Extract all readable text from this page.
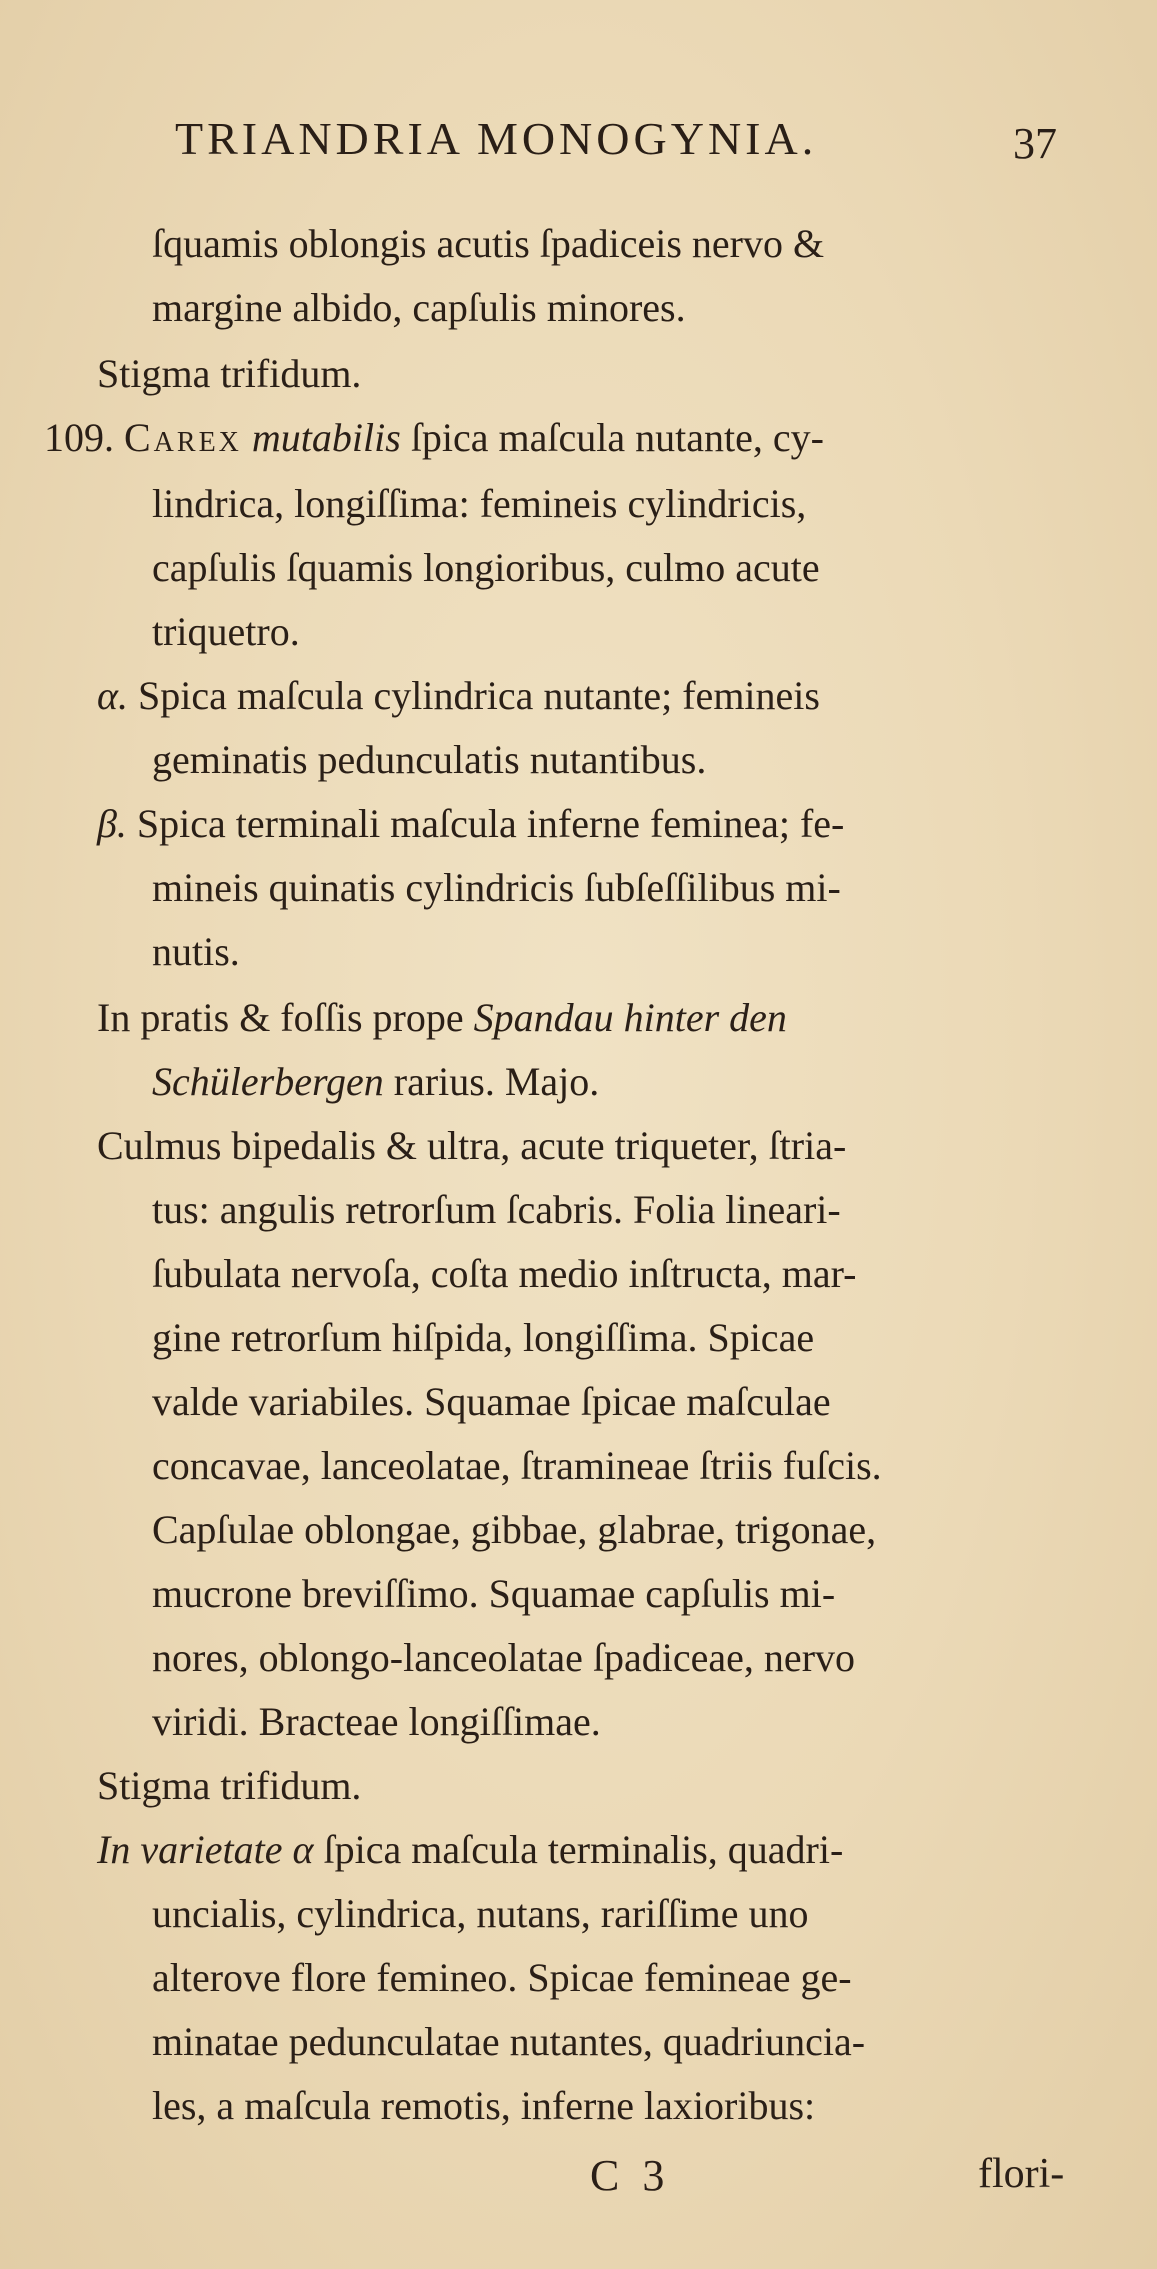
TRIANDRIA MONOGYNIA.	37
ſquamis oblongis acutis ſpadiceis nervo &
margine albido, capſulis minores.
Stigma trifidum.
109. Carex mutabilis ſpica maſcula nutante, cy-
lindrica, longiſſima: femineis cylindricis,
capſulis ſquamis longioribus, culmo acute
triquetro.
α. Spica maſcula cylindrica nutante; femineis
geminatis pedunculatis nutantibus.
β. Spica terminali maſcula inferne feminea; fe-
mineis quinatis cylindricis ſubſeſſilibus mi-
nutis.
In pratis & foſſis prope Spandau hinter den
Schülerbergen rarius. Majo.
Culmus bipedalis & ultra, acute triqueter, ſtria-
tus: angulis retrorſum ſcabris. Folia lineari-
ſubulata nervoſa, coſta medio inſtructa, mar-
gine retrorſum hiſpida, longiſſima. Spicae
valde variabiles. Squamae ſpicae maſculae
concavae, lanceolatae, ſtramineae ſtriis fuſcis.
Capſulae oblongae, gibbae, glabrae, trigonae,
mucrone breviſſimo. Squamae capſulis mi-
nores, oblongo-lanceolatae ſpadiceae, nervo
viridi. Bracteae longiſſimae.
Stigma trifidum.
In varietate α ſpica maſcula terminalis, quadri-
uncialis, cylindrica, nutans, rariſſime uno
alterove flore femineo. Spicae femineae ge-
minatae pedunculatae nutantes, quadriuncia-
les, a maſcula remotis, inferne laxioribus:
C 3	flori-
